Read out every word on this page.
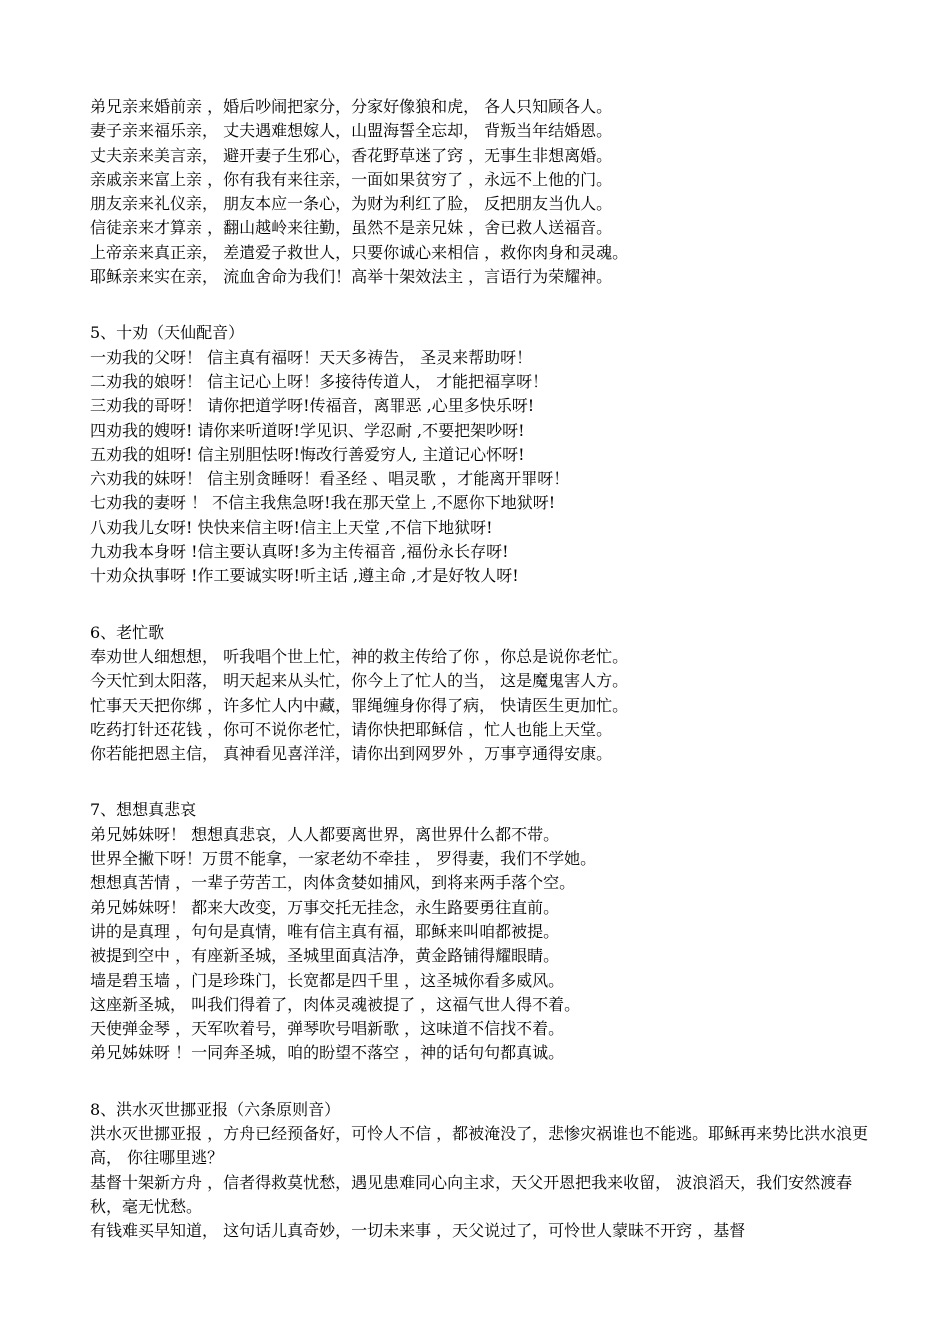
弟兄亲来婚前亲 ，婚后吵闹把家分，分家好像狼和虎， 各人只知顾各人。
妻子亲来福乐亲， 丈夫遇难想嫁人，山盟海誓全忘却， 背叛当年结婚恩。
丈夫亲来美言亲， 避开妻子生邪心，香花野草迷了窍 ，无事生非想离婚。
亲戚亲来富上亲 ，你有我有来往亲，一面如果贫穷了 ，永远不上他的门。
朋友亲来礼仪亲， 朋友本应一条心，为财为利红了脸， 反把朋友当仇人。
信徒亲来才算亲 ，翻山越岭来往勤，虽然不是亲兄妹 ，舍已救人送福音。
上帝亲来真正亲， 差遣爱子救世人，只要你诚心来相信 ，救你肉身和灵魂。
耶稣亲来实在亲， 流血舍命为我们！高举十架效法主 ，言语行为荣耀神。
5、十劝（天仙配音）
一劝我的父呀！ 信主真有福呀！天天多祷告， 圣灵来帮助呀！
二劝我的娘呀！ 信主记心上呀！多接待传道人， 才能把福享呀！
三劝我的哥呀！ 请你把道学呀!传福音，离罪恶 ,心里多快乐呀!
四劝我的嫂呀! 请你来听道呀!学见识、学忍耐 ,不要把架吵呀!
五劝我的姐呀! 信主别胆怯呀!悔改行善爱穷人, 主道记心怀呀!
六劝我的妹呀！ 信主别贪睡呀！看圣经 、唱灵歌 ，才能离开罪呀！
七劝我的妻呀 ！ 不信主我焦急呀!我在那天堂上 ,不愿你下地狱呀!
八劝我儿女呀! 快快来信主呀!信主上天堂 ,不信下地狱呀!
九劝我本身呀 !信主要认真呀!多为主传福音 ,福份永长存呀!
十劝众执事呀 !作工要诚实呀!听主话 ,遵主命 ,才是好牧人呀!
6、老忙歌
奉劝世人细想想， 听我唱个世上忙，神的救主传给了你 ，你总是说你老忙。
今天忙到太阳落， 明天起来从头忙，你今上了忙人的当， 这是魔鬼害人方。
忙事天天把你绑 ，许多忙人内中藏，罪绳缠身你得了病， 快请医生更加忙。
吃药打针还花钱 ，你可不说你老忙，请你快把耶稣信 ，忙人也能上天堂。
你若能把恩主信， 真神看见喜洋洋，请你出到网罗外 ，万事亨通得安康。
7、想想真悲哀
弟兄姊妹呀！ 想想真悲哀，人人都要离世界，离世界什么都不带。
世界全撇下呀！万贯不能拿，一家老幼不牵挂 ， 罗得妻，我们不学她。
想想真苦情 ，一辈子劳苦工，肉体贪婪如捕风，到将来两手落个空。
弟兄姊妹呀！ 都来大改变，万事交托无挂念，永生路要勇往直前。
讲的是真理 ，句句是真情，唯有信主真有福，耶稣来叫咱都被提。
被提到空中 ，有座新圣城，圣城里面真洁净，黄金路铺得耀眼睛。
墙是碧玉墙 ，门是珍珠门，长宽都是四千里 ，这圣城你看多威风。
这座新圣城， 叫我们得着了，肉体灵魂被提了 ，这福气世人得不着。
天使弹金琴 ，天军吹着号，弹琴吹号唱新歌 ，这味道不信找不着。
弟兄姊妹呀 ！一同奔圣城，咱的盼望不落空 ，神的话句句都真诚。
8、洪水灭世挪亚报（六条原则音）
洪水灭世挪亚报 ，方舟已经预备好，可怜人不信 ，都被淹没了，悲惨灾祸谁也不能逃。耶稣再来势比洪水浪更高， 你往哪里逃？
基督十架新方舟 ，信者得救莫忧愁，遇见患难同心向主求，天父开恩把我来收留， 波浪滔天，我们安然渡春秋，毫无忧愁。
有钱难买早知道， 这句话儿真奇妙，一切未来事 ，天父说过了，可怜世人蒙昧不开窍 ，基督
